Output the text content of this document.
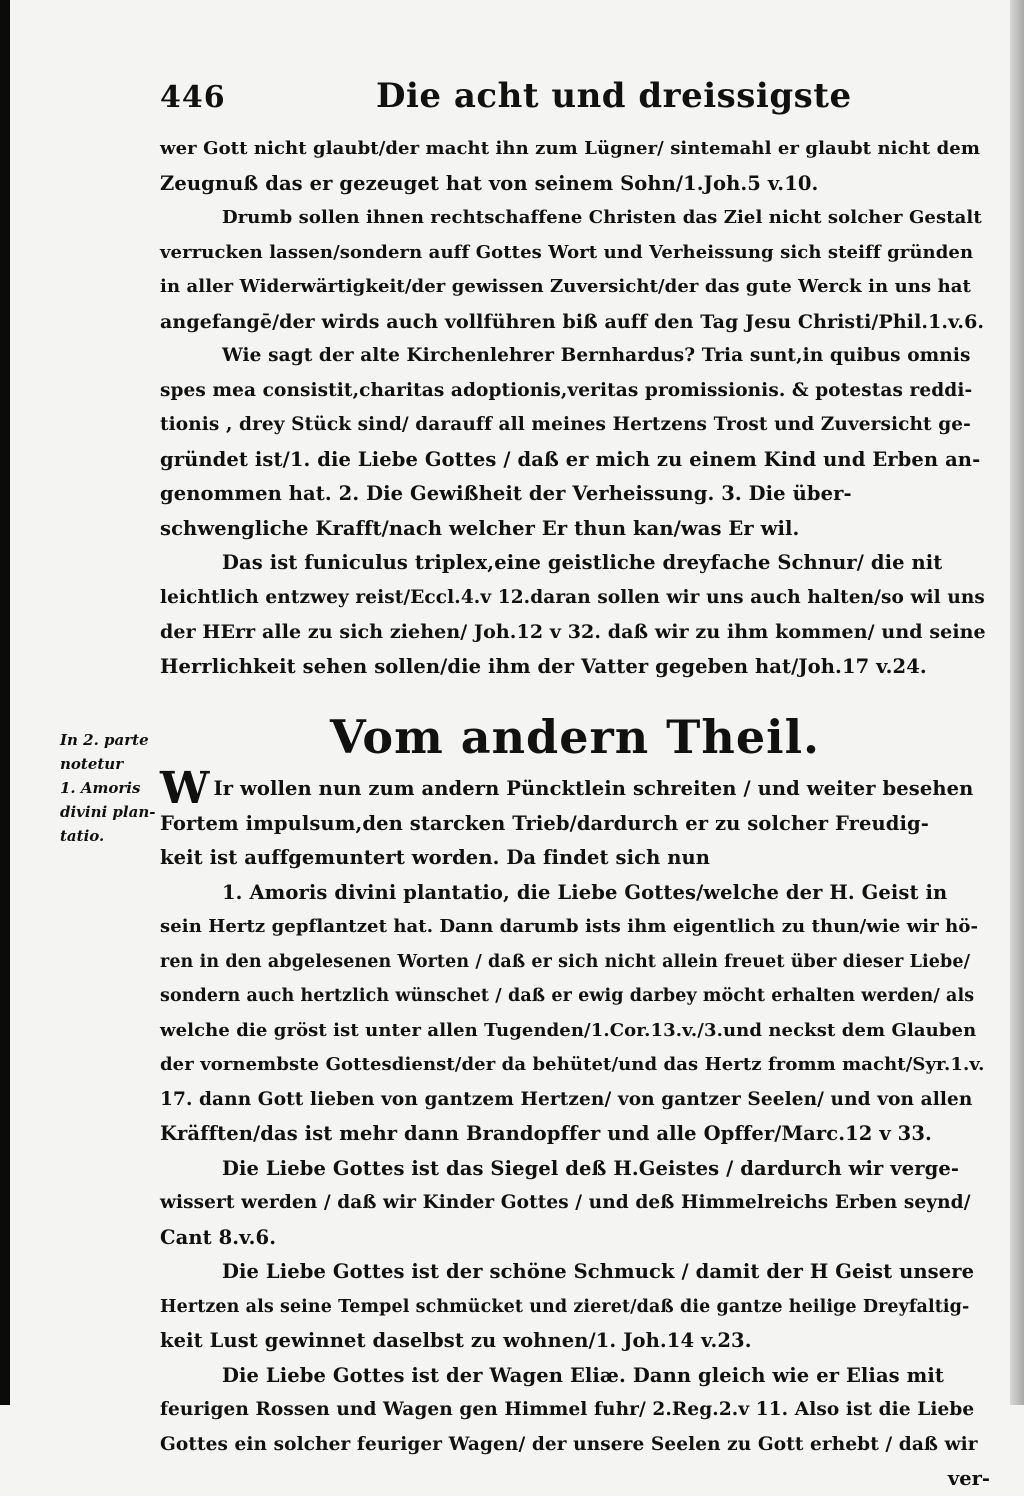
In 2. parte
notetur
1. Amoris
divini plan-
tatio.
446	Die acht und dreissigste
wer Gott nicht glaubt/der macht ihn zum Lügner/ sintemahl er glaubt nicht dem
Zeugnuß das er gezeuget hat von seinem Sohn/1.Joh.5 v.10.
Drumb sollen ihnen rechtschaffene Christen das Ziel nicht solcher Gestalt
verrucken lassen/sondern auff Gottes Wort und Verheissung sich steiff gründen
in aller Widerwärtigkeit/der gewissen Zuversicht/der das gute Werck in uns hat
angefangē/der wirds auch vollführen biß auff den Tag Jesu Christi/Phil.1.v.6.
Wie sagt der alte Kirchenlehrer Bernhardus? Tria sunt,in quibus omnis
spes mea consistit,charitas adoptionis,veritas promissionis. & potestas reddi-
tionis , drey Stück sind/ darauff all meines Hertzens Trost und Zuversicht ge-
gründet ist/1. die Liebe Gottes / daß er mich zu einem Kind und Erben an-
genommen hat. 2. Die Gewißheit der Verheissung. 3. Die über-
schwengliche Krafft/nach welcher Er thun kan/was Er wil.
Das ist funiculus triplex,eine geistliche dreyfache Schnur/ die nit
leichtlich entzwey reist/Eccl.4.v 12.daran sollen wir uns auch halten/so wil uns
der HErr alle zu sich ziehen/ Joh.12 v 32. daß wir zu ihm kommen/ und seine
Herrlichkeit sehen sollen/die ihm der Vatter gegeben hat/Joh.17 v.24.
Vom andern Theil.
W Ir wollen nun zum andern Püncktlein schreiten / und weiter besehen
Fortem impulsum,den starcken Trieb/dardurch er zu solcher Freudig-
keit ist auffgemuntert worden. Da findet sich nun
1. Amoris divini plantatio, die Liebe Gottes/welche der H. Geist in
sein Hertz gepflantzet hat. Dann darumb ists ihm eigentlich zu thun/wie wir hö-
ren in den abgelesenen Worten / daß er sich nicht allein freuet über dieser Liebe/
sondern auch hertzlich wünschet / daß er ewig darbey möcht erhalten werden/ als
welche die gröst ist unter allen Tugenden/1.Cor.13.v./3.und neckst dem Glauben
der vornembste Gottesdienst/der da behütet/und das Hertz fromm macht/Syr.1.v.
17. dann Gott lieben von gantzem Hertzen/ von gantzer Seelen/ und von allen
Kräfften/das ist mehr dann Brandopffer und alle Opffer/Marc.12 v 33.
Die Liebe Gottes ist das Siegel deß H.Geistes / dardurch wir verge-
wissert werden / daß wir Kinder Gottes / und deß Himmelreichs Erben seynd/
Cant 8.v.6.
Die Liebe Gottes ist der schöne Schmuck / damit der H Geist unsere
Hertzen als seine Tempel schmücket und zieret/daß die gantze heilige Dreyfaltig-
keit Lust gewinnet daselbst zu wohnen/1. Joh.14 v.23.
Die Liebe Gottes ist der Wagen Eliæ. Dann gleich wie er Elias mit
feurigen Rossen und Wagen gen Himmel fuhr/ 2.Reg.2.v 11. Also ist die Liebe
Gottes ein solcher feuriger Wagen/ der unsere Seelen zu Gott erhebt / daß wir
ver-
